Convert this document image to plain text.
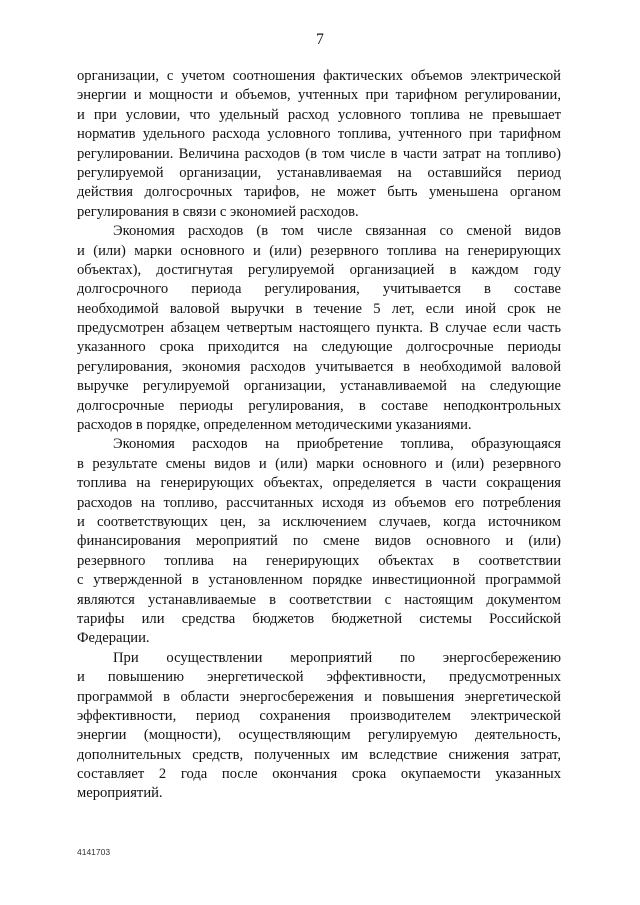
7
организации, с учетом соотношения фактических объемов электрической
энергии и мощности и объемов, учтенных при тарифном регулировании,
и при условии, что удельный расход условного топлива не превышает
норматив удельного расхода условного топлива, учтенного при тарифном
регулировании. Величина расходов (в том числе в части затрат на топливо)
регулируемой организации, устанавливаемая на оставшийся период
действия долгосрочных тарифов, не может быть уменьшена органом
регулирования в связи с экономией расходов.
Экономия расходов (в том числе связанная со сменой видов
и (или) марки основного и (или) резервного топлива на генерирующих
объектах), достигнутая регулируемой организацией в каждом году
долгосрочного периода регулирования, учитывается в составе
необходимой валовой выручки в течение 5 лет, если иной срок не
предусмотрен абзацем четвертым настоящего пункта. В случае если часть
указанного срока приходится на следующие долгосрочные периоды
регулирования, экономия расходов учитывается в необходимой валовой
выручке регулируемой организации, устанавливаемой на следующие
долгосрочные периоды регулирования, в составе неподконтрольных
расходов в порядке, определенном методическими указаниями.
Экономия расходов на приобретение топлива, образующаяся
в результате смены видов и (или) марки основного и (или) резервного
топлива на генерирующих объектах, определяется в части сокращения
расходов на топливо, рассчитанных исходя из объемов его потребления
и соответствующих цен, за исключением случаев, когда источником
финансирования мероприятий по смене видов основного и (или)
резервного топлива на генерирующих объектах в соответствии
с утвержденной в установленном порядке инвестиционной программой
являются устанавливаемые в соответствии с настоящим документом
тарифы или средства бюджетов бюджетной системы Российской
Федерации.
При осуществлении мероприятий по энергосбережению
и повышению энергетической эффективности, предусмотренных
программой в области энергосбережения и повышения энергетической
эффективности, период сохранения производителем электрической
энергии (мощности), осуществляющим регулируемую деятельность,
дополнительных средств, полученных им вследствие снижения затрат,
составляет 2 года после окончания срока окупаемости указанных
мероприятий.
4141703
